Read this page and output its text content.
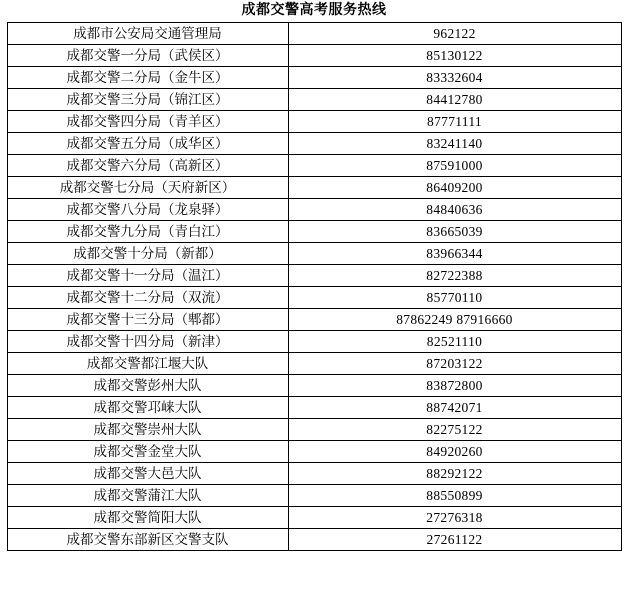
成都交警高考服务热线
成都市公安局交通管理局	962122
成都交警一分局（武侯区）	85130122
成都交警二分局（金牛区）	83332604
成都交警三分局（锦江区）	84412780
成都交警四分局（青羊区）	87771111
成都交警五分局（成华区）	83241140
成都交警六分局（高新区）	87591000
成都交警七分局（天府新区）	86409200
成都交警八分局（龙泉驿）	84840636
成都交警九分局（青白江）	83665039
成都交警十分局（新都）	83966344
成都交警十一分局（温江）	82722388
成都交警十二分局（双流）	85770110
成都交警十三分局（郫都）	87862249 87916660
成都交警十四分局（新津）	82521110
成都交警都江堰大队	87203122
成都交警彭州大队	83872800
成都交警邛崃大队	88742071
成都交警崇州大队	82275122
成都交警金堂大队	84920260
成都交警大邑大队	88292122
成都交警蒲江大队	88550899
成都交警简阳大队	27276318
成都交警东部新区交警支队	27261122
